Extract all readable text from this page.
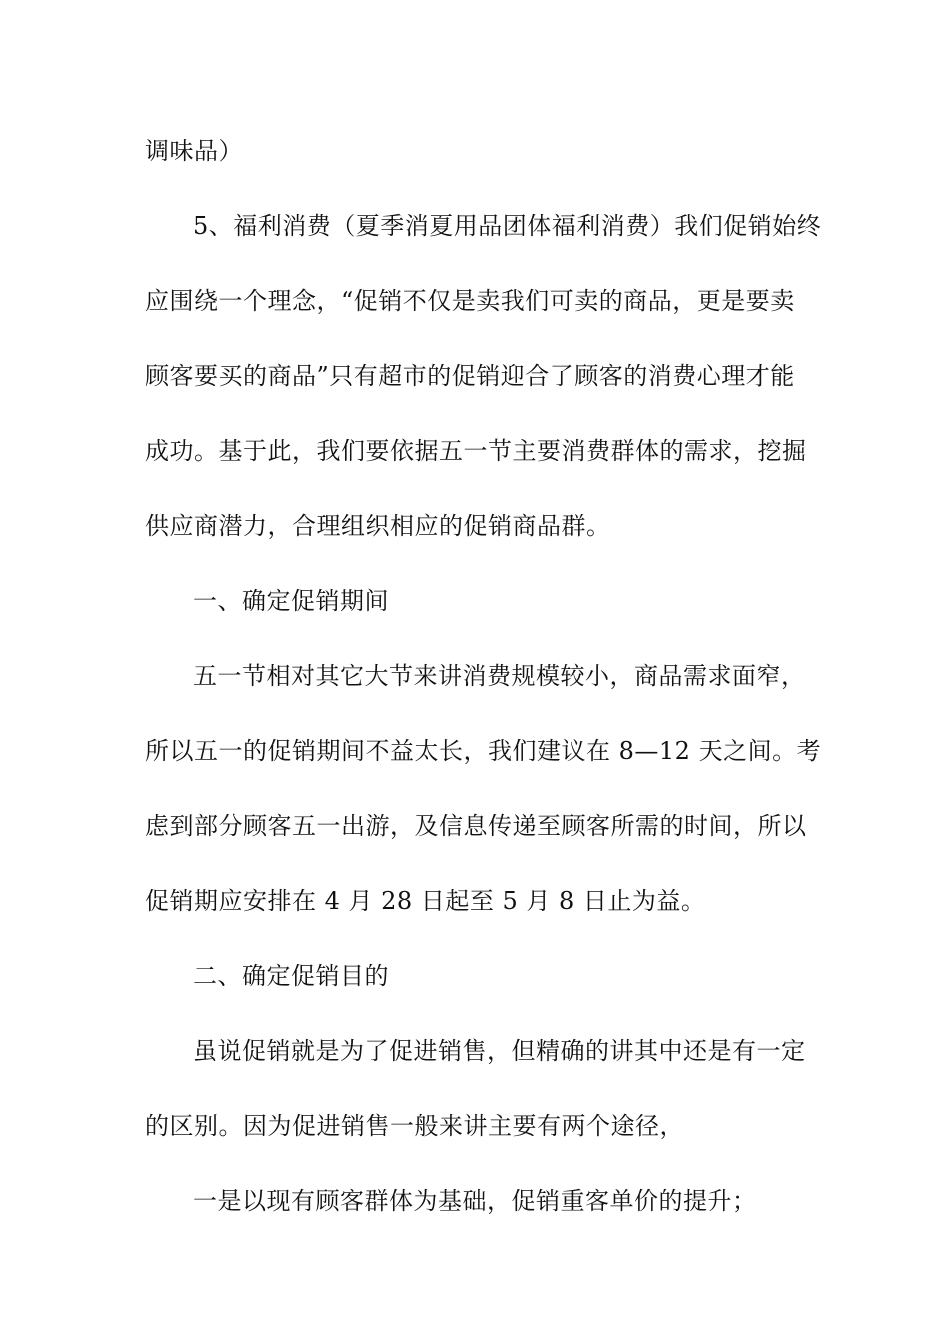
调味品）
5、福利消费（夏季消夏用品团体福利消费）我们促销始终
应围绕一个理念，“促销不仅是卖我们可卖的商品，更是要卖
顾客要买的商品”只有超市的促销迎合了顾客的消费心理才能
成功。基于此，我们要依据五一节主要消费群体的需求，挖掘
供应商潜力，合理组织相应的促销商品群。
一、确定促销期间
五一节相对其它大节来讲消费规模较小，商品需求面窄，
所以五一的促销期间不益太长，我们建议在 8—12 天之间。考
虑到部分顾客五一出游，及信息传递至顾客所需的时间，所以
促销期应安排在 4 月 28 日起至 5 月 8 日止为益。
二、确定促销目的
虽说促销就是为了促进销售，但精确的讲其中还是有一定
的区别。因为促进销售一般来讲主要有两个途径，
一是以现有顾客群体为基础，促销重客单价的提升；
